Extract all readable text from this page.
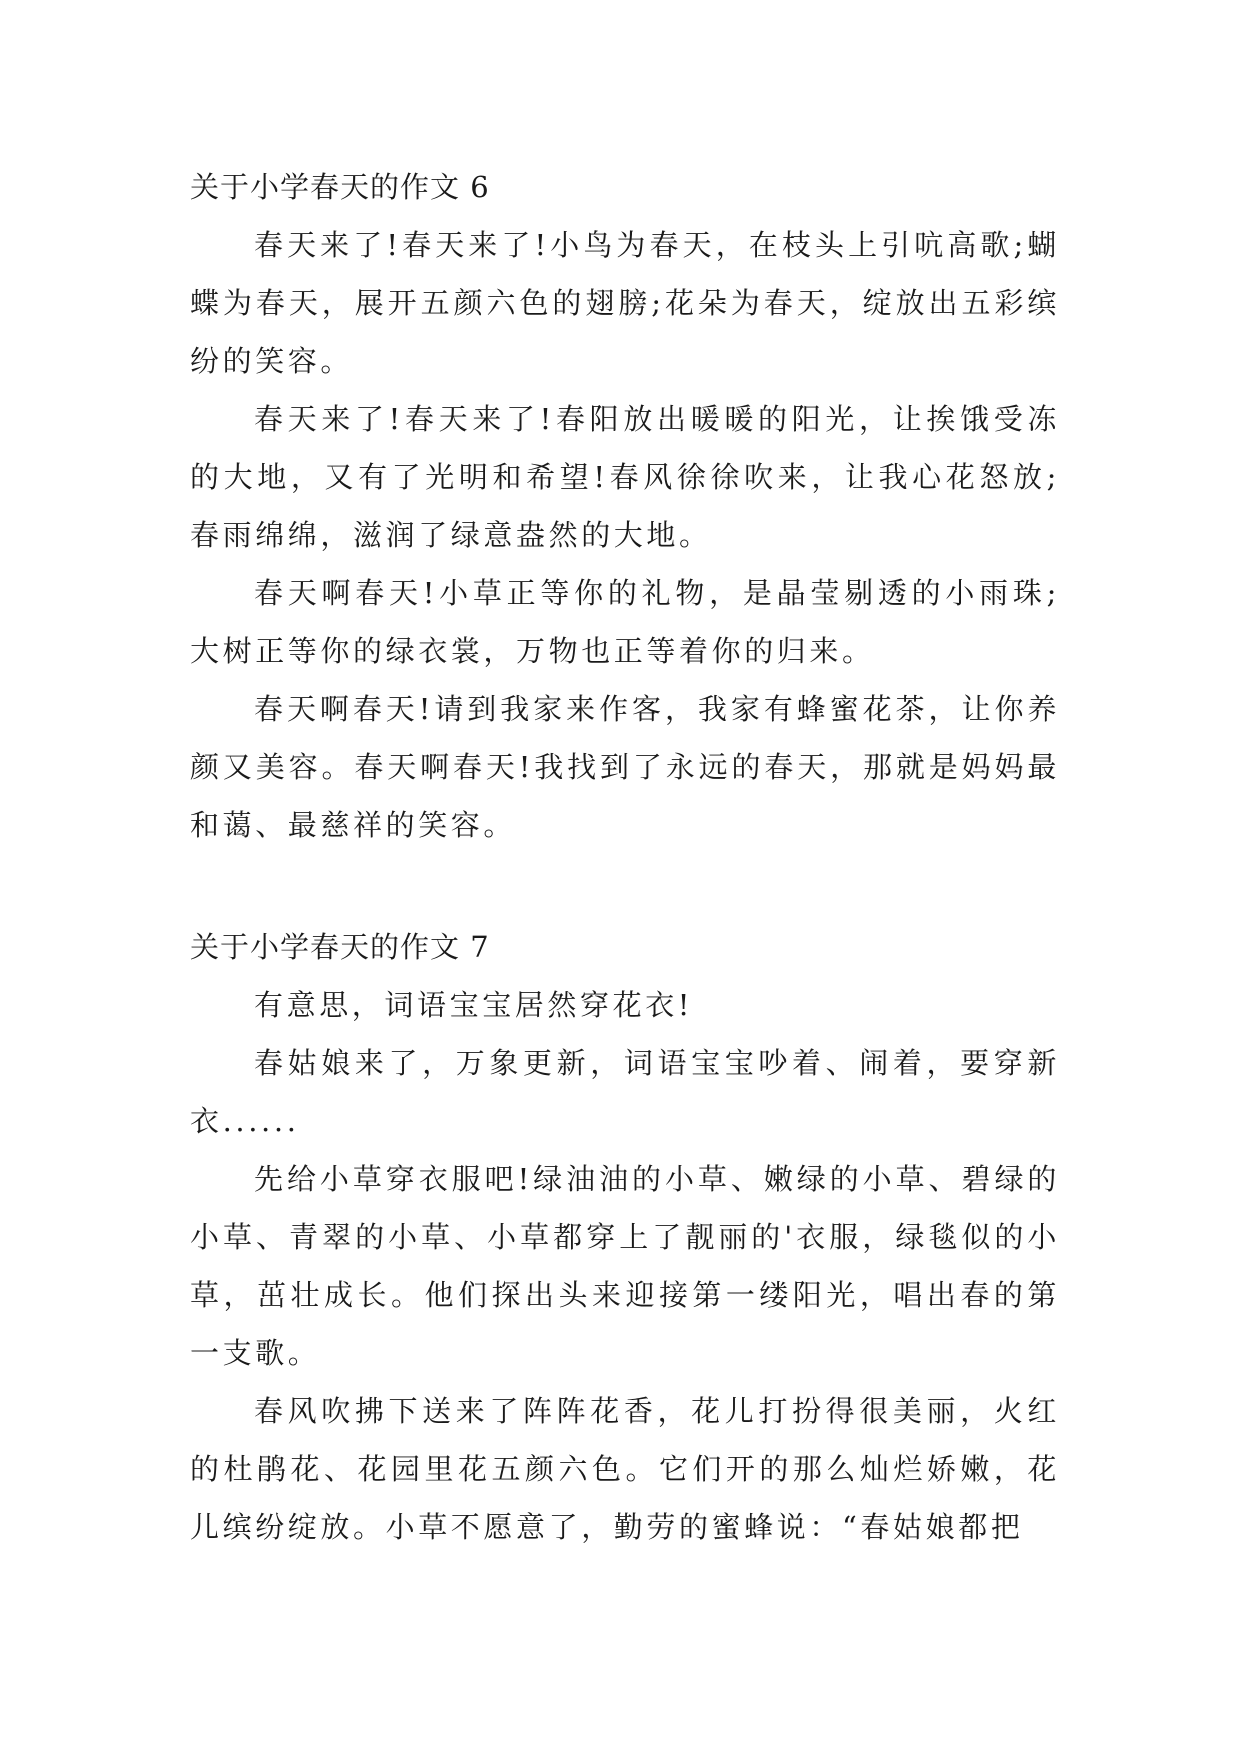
关于小学春天的作文 6

春天来了!春天来了!小鸟为春天，在枝头上引吭高歌;蝴蝶为春天，展开五颜六色的翅膀;花朵为春天，绽放出五彩缤纷的笑容。

春天来了!春天来了!春阳放出暖暖的阳光，让挨饿受冻的大地，又有了光明和希望!春风徐徐吹来，让我心花怒放;春雨绵绵，滋润了绿意盎然的大地。

春天啊春天!小草正等你的礼物，是晶莹剔透的小雨珠;大树正等你的绿衣裳，万物也正等着你的归来。

春天啊春天!请到我家来作客，我家有蜂蜜花茶，让你养颜又美容。春天啊春天!我找到了永远的春天，那就是妈妈最和蔼、最慈祥的笑容。

关于小学春天的作文 7

有意思，词语宝宝居然穿花衣!

春姑娘来了，万象更新，词语宝宝吵着、闹着，要穿新衣......

先给小草穿衣服吧!绿油油的小草、嫩绿的小草、碧绿的小草、青翠的小草、小草都穿上了靓丽的'衣服，绿毯似的小草，茁壮成长。他们探出头来迎接第一缕阳光，唱出春的第一支歌。

春风吹拂下送来了阵阵花香，花儿打扮得很美丽，火红的杜鹃花、花园里花五颜六色。它们开的那么灿烂娇嫩，花儿缤纷绽放。小草不愿意了，勤劳的蜜蜂说：“春姑娘都把
